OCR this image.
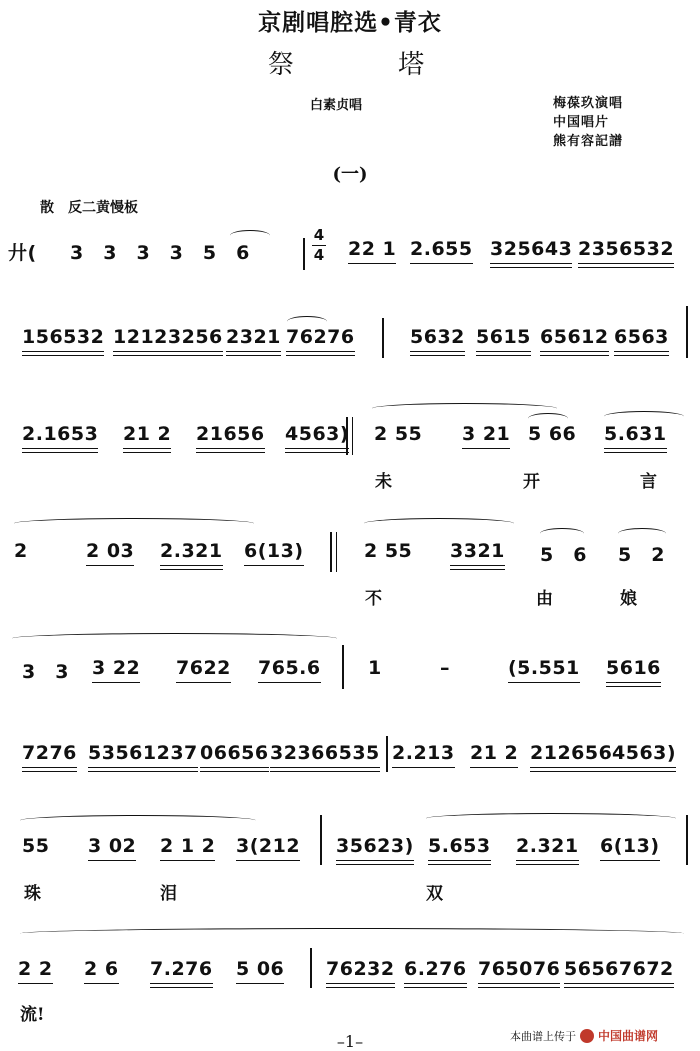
京剧唱腔选•青衣
祭 塔
白素贞唱	梅葆玖演唱
中国唱片
熊有容記譜
(一)
散　反二黄慢板
4
4
廾( 3　3　3　3　5　6	22 1 2.655 325643 2356532
156532 12123256 2321 76276	5632 5615 65612 6563
2.1653 21 2 21656 4563) 2 55 3 21 5 66 5.631
未	开	言
2	2 03 2.321 6(13)	2 55 3321 5　6 5　2
不	由	娘
3　3 3 22 7622 765.6 1	–	(5.551 5616
7276 53561237 06656 32366535 2.213 21 2 212656 4563)
55 3 02 2 1 2 3(212 35623) 5.653 2.321 6(13)
珠	泪	双
2 2 2 6 7.276 5 06 76232 6.276 765076 56567672
流!
–1–	本曲谱上传于 中国曲谱网
